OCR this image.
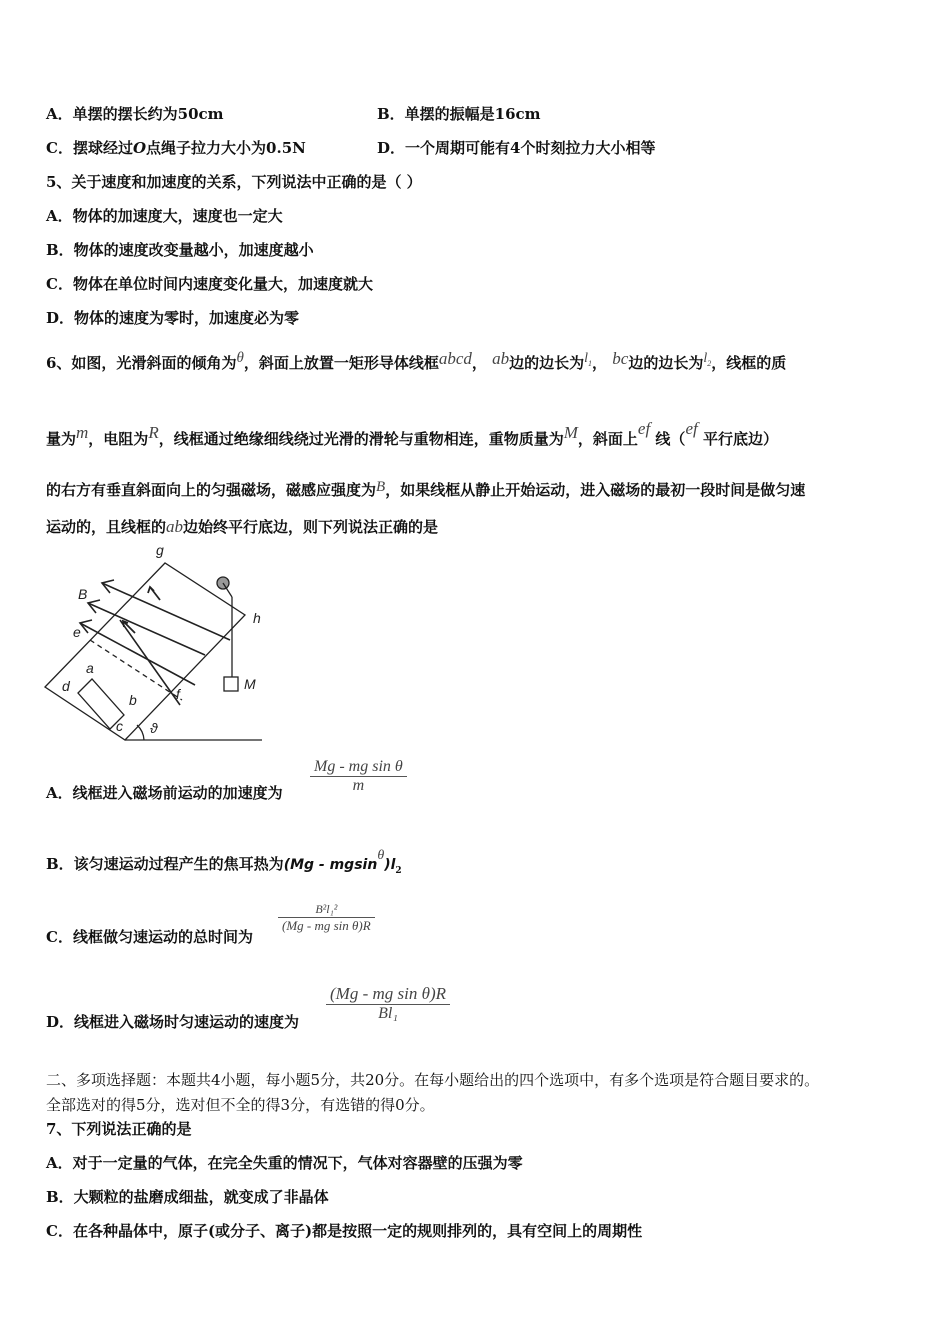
A．单摆的摆长约为50cm	B．单摆的振幅是16cm
C．摆球经过O点绳子拉力大小为0.5N	D．一个周期可能有4个时刻拉力大小相等
5、关于速度和加速度的关系，下列说法中正确的是（ ）
A．物体的加速度大，速度也一定大
B．物体的速度改变量越小，加速度越小
C．物体在单位时间内速度变化量大，加速度就大
D．物体的速度为零时，加速度必为零
6、如图，光滑斜面的倾角为θ，斜面上放置一矩形导体线框abcd， ab边的边长为$l_1$， bc边的边长为$l_2$，线框的质
量为m，电阻为R，线框通过绝缘细线绕过光滑的滑轮与重物相连，重物质量为M，斜面上ef 线（ef 平行底边）
的右方有垂直斜面向上的匀强磁场，磁感应强度为B，如果线框从静止开始运动，进入磁场的最初一段时间是做匀速
运动的，且线框的ab边始终平行底边，则下列说法正确的是
g
B
e
a
d
b
c
f
h
M
ϑ
A．线框进入磁场前运动的加速度为
Mg - mg sin θ
m
B．该匀速运动过程产生的焦耳热为$(Mg - mgsin\theta)l_2$
C．线框做匀速运动的总时间为
B²l₁²
(Mg - mg sin θ)R
D．线框进入磁场时匀速运动的速度为
(Mg - mg sin θ)R
Bl₁
二、多项选择题：本题共4小题，每小题5分，共20分。在每小题给出的四个选项中，有多个选项是符合题目要求的。
全部选对的得5分，选对但不全的得3分，有选错的得0分。
7、下列说法正确的是
A．对于一定量的气体，在完全失重的情况下，气体对容器壁的压强为零
B．大颗粒的盐磨成细盐，就变成了非晶体
C．在各种晶体中，原子(或分子、离子)都是按照一定的规则排列的，具有空间上的周期性
